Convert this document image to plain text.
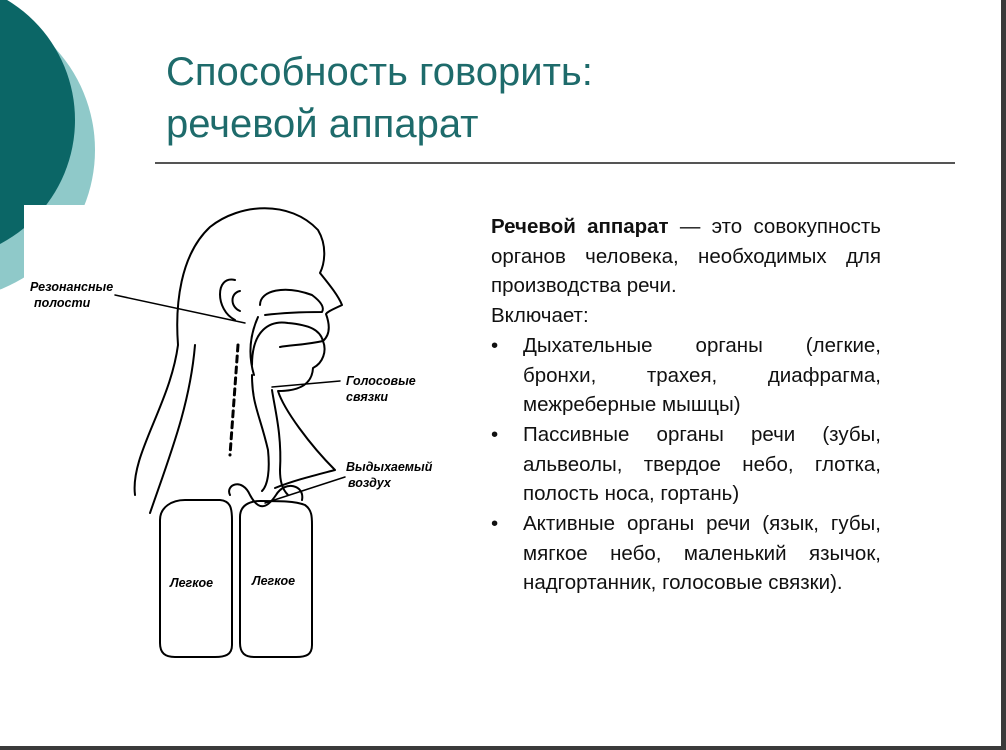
Способность говорить:
речевой аппарат
Резонансные
полости
Голосовые
связки
Выдыхаемый
воздух
Легкое	Легкое

Речевой аппарат — это совокупность органов человека, необходимых для производства речи.

Включает:

• Дыхательные органы (легкие, бронхи, трахея, диафрагма, межреберные мышцы)
• Пассивные органы речи (зубы, альвеолы, твердое небо, глотка, полость носа, гортань)
• Активные органы речи (язык, губы, мягкое небо, маленький язычок, надгортанник, голосовые связки).
